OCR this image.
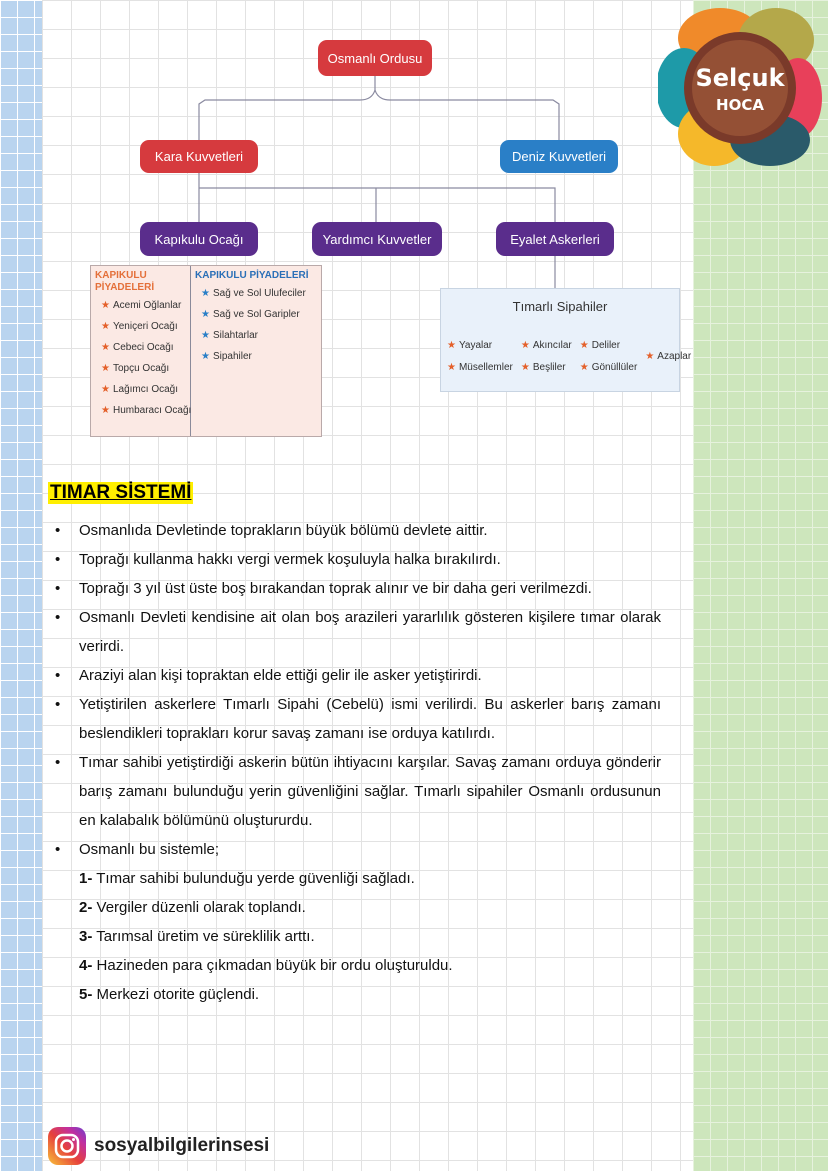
Osmanlı Ordusu
Kara Kuvvetleri	Deniz Kuvvetleri
Kapıkulu Ocağı	Yardımcı Kuvvetler	Eyalet Askerleri
KAPIKULU PİYADELERİ
★ Acemi Oğlanlar
★ Yeniçeri Ocağı
★ Cebeci Ocağı
★ Topçu Ocağı
★ Lağımcı Ocağı
★ Humbaracı Ocağı
KAPIKULU PİYADELERİ
★ Sağ ve Sol Ulufeciler
★ Sağ ve Sol Garipler
★ Silahtarlar
★ Sipahiler
Tımarlı Sipahiler
★ Yayalar
★ Müsellemler
★ Akıncılar
★ Beşliler
★ Deliler
★ Gönüllüler
★ Azaplar
Selçuk
HOCA
TIMAR SİSTEMİ
• Osmanlıda Devletinde toprakların büyük bölümü devlete aittir.
• Toprağı kullanma hakkı vergi vermek koşuluyla halka bırakılırdı.
• Toprağı 3 yıl üst üste boş bırakandan toprak alınır ve bir daha geri verilmezdi.
• Osmanlı Devleti kendisine ait olan boş arazileri yararlılık gösteren kişilere tımar olarak verirdi.
• Araziyi alan kişi topraktan elde ettiği gelir ile asker yetiştirirdi.
• Yetiştirilen askerlere Tımarlı Sipahi (Cebelü) ismi verilirdi. Bu askerler barış zamanı beslendikleri toprakları korur savaş zamanı ise orduya katılırdı.
• Tımar sahibi yetiştirdiği askerin bütün ihtiyacını karşılar. Savaş zamanı orduya gönderir barış zamanı bulunduğu yerin güvenliğini sağlar. Tımarlı sipahiler Osmanlı ordusunun en kalabalık bölümünü oluştururdu.
• Osmanlı bu sistemle;
1- Tımar sahibi bulunduğu yerde güvenliği sağladı.
2- Vergiler düzenli olarak toplandı.
3- Tarımsal üretim ve süreklilik arttı.
4- Hazineden para çıkmadan büyük bir ordu oluşturuldu.
5- Merkezi otorite güçlendi.
sosyalbilgilerinsesi
